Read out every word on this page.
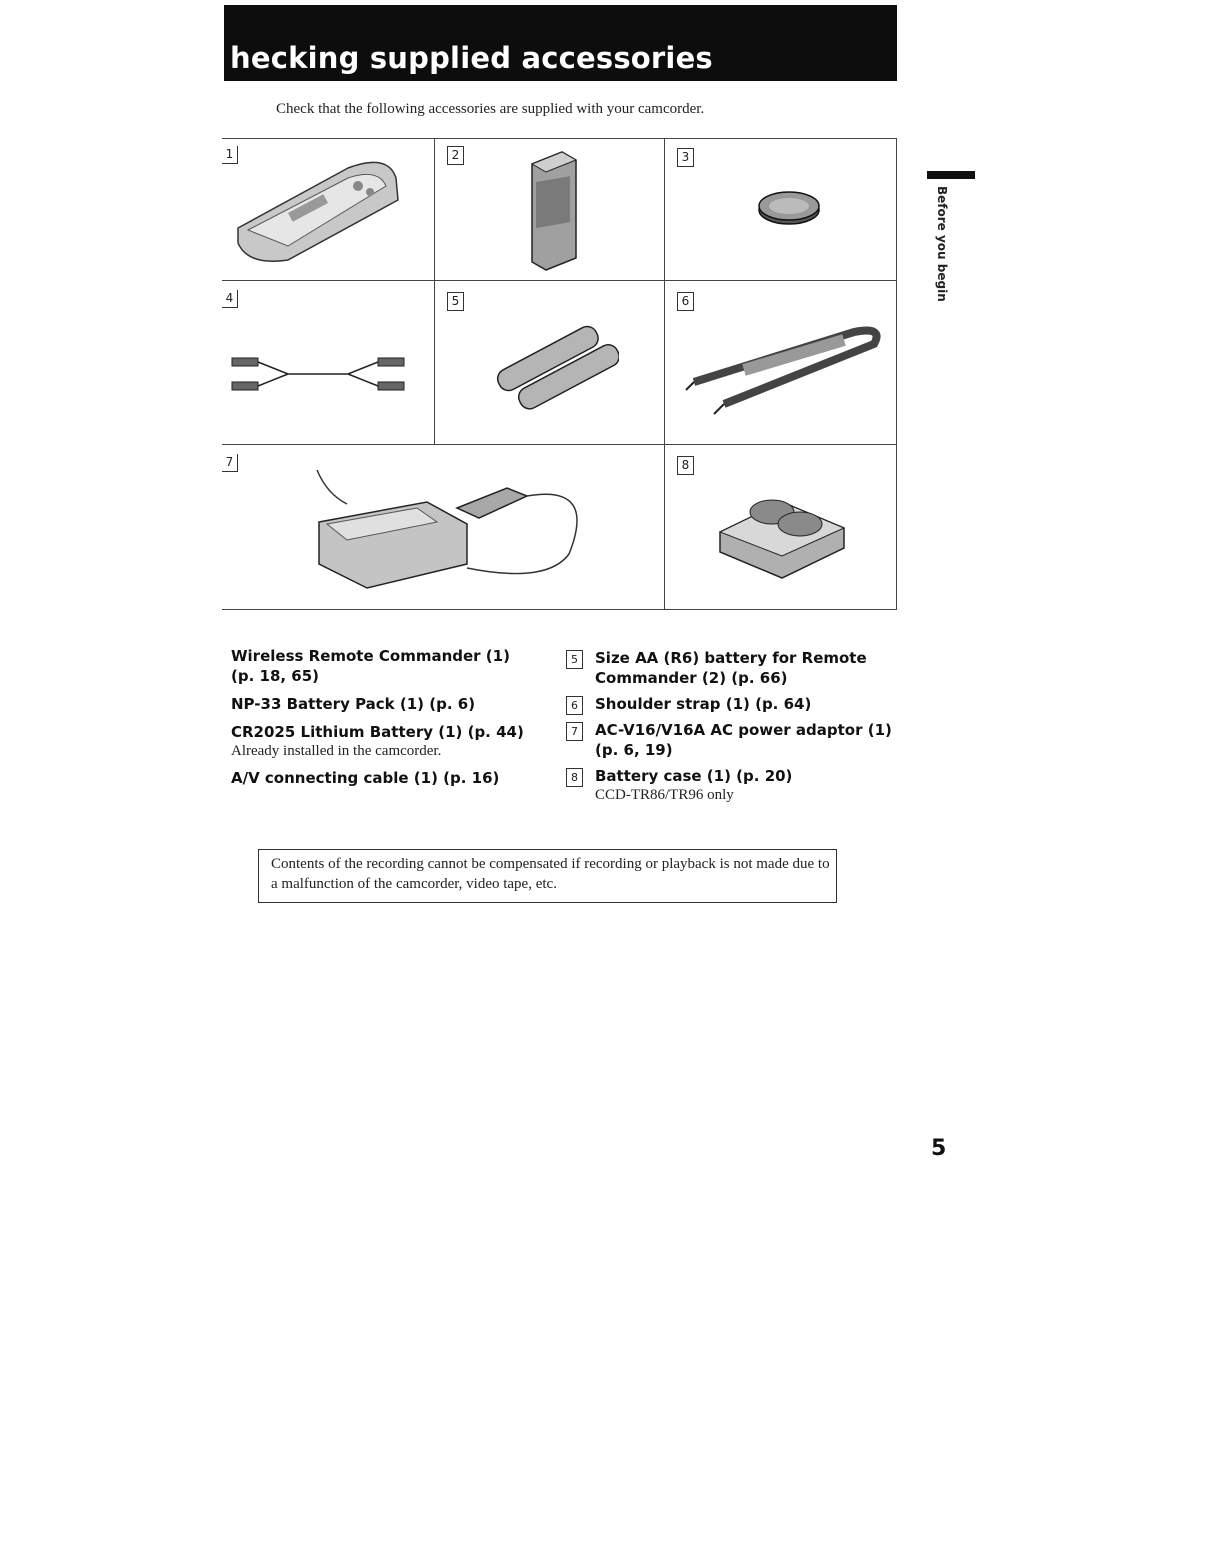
hecking supplied accessories
Check that the following accessories are supplied with your camcorder.
Before you begin
1	2	3
4	5	6
7	8
Wireless Remote Commander (1) (p. 18, 65)
NP-33 Battery Pack (1) (p. 6)
CR2025 Lithium Battery (1) (p. 44)
Already installed in the camcorder.
A/V connecting cable (1) (p. 16)
5	Size AA (R6) battery for Remote Commander (2) (p. 66)
6	Shoulder strap (1) (p. 64)
7	AC-V16/V16A AC power adaptor (1) (p. 6, 19)
8	Battery case (1) (p. 20)
CCD-TR86/TR96 only
Contents of the recording cannot be compensated if recording or playback is not made due to a malfunction of the camcorder, video tape, etc.
5
